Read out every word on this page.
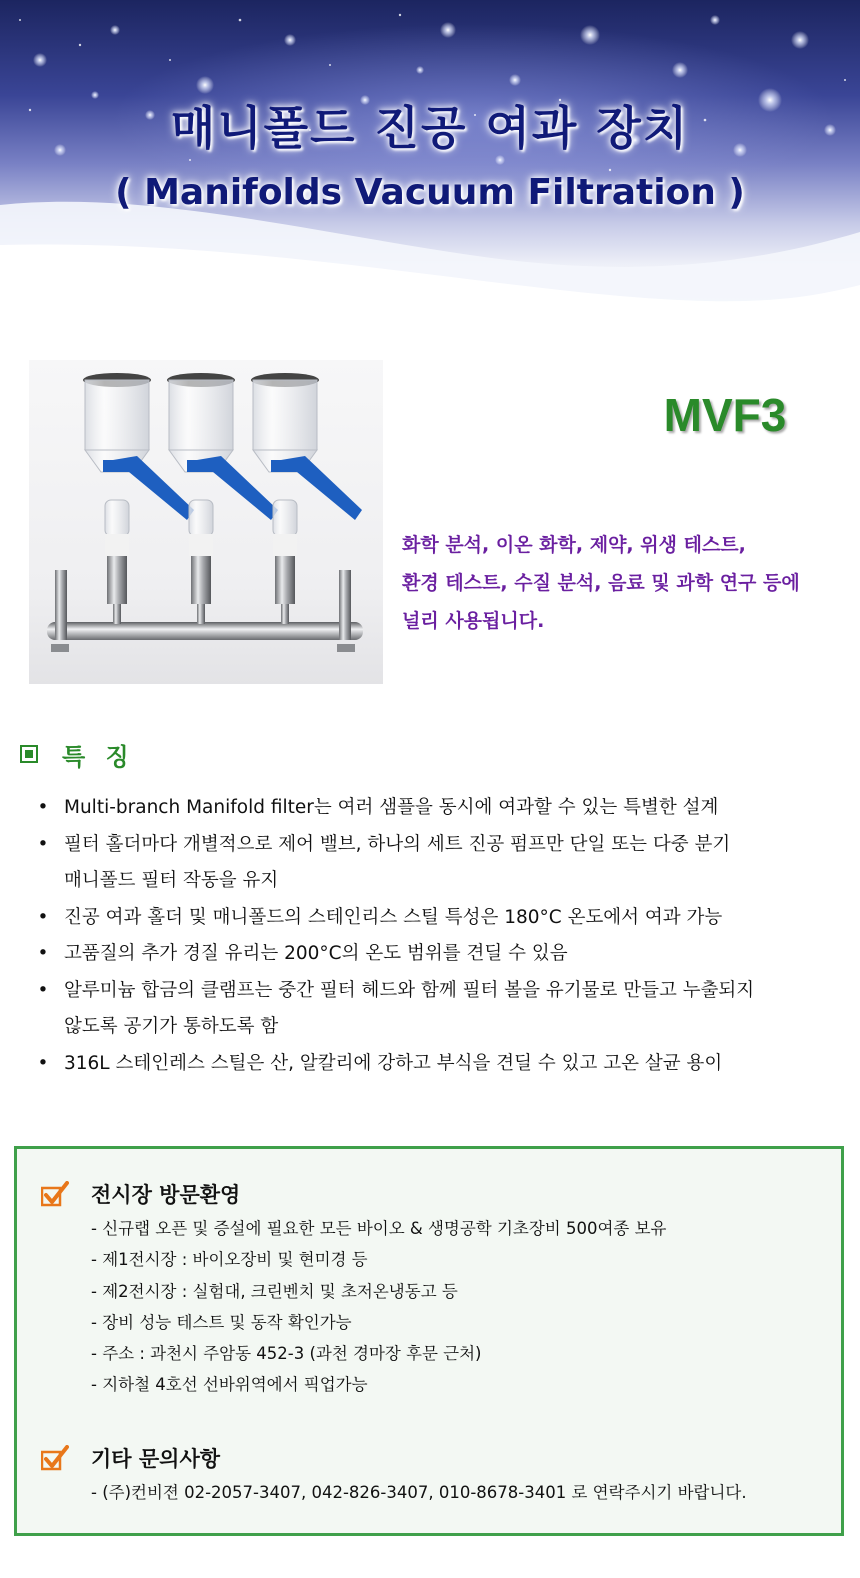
매니폴드 진공 여과 장치
( Manifolds Vacuum Filtration )
MVF3
화학 분석, 이온 화학, 제약, 위생 테스트,
환경 테스트, 수질 분석, 음료 및 과학 연구 등에
널리 사용됩니다.
특 징
• Multi-branch Manifold filter는 여러 샘플을 동시에 여과할 수 있는 특별한 설계
• 필터 홀더마다 개별적으로 제어 밸브, 하나의 세트 진공 펌프만 단일 또는 다중 분기
매니폴드 필터 작동을 유지
• 진공 여과 홀더 및 매니폴드의 스테인리스 스틸 특성은 180°C 온도에서 여과 가능
• 고품질의 추가 경질 유리는 200°C의 온도 범위를 견딜 수 있음
• 알루미늄 합금의 클램프는 중간 필터 헤드와 함께 필터 볼을 유기물로 만들고 누출되지
않도록 공기가 통하도록 함
• 316L 스테인레스 스틸은 산, 알칼리에 강하고 부식을 견딜 수 있고 고온 살균 용이
전시장 방문환영
- 신규랩 오픈 및 증설에 필요한 모든 바이오 & 생명공학 기초장비 500여종 보유
- 제1전시장 : 바이오장비 및 현미경 등
- 제2전시장 : 실험대, 크린벤치 및 초저온냉동고 등
- 장비 성능 테스트 및 동작 확인가능
- 주소 : 과천시 주암동 452-3 (과천 경마장 후문 근처)
- 지하철 4호선 선바위역에서 픽업가능
기타 문의사항
- (주)컨비젼 02-2057-3407, 042-826-3407, 010-8678-3401 로 연락주시기 바랍니다.
